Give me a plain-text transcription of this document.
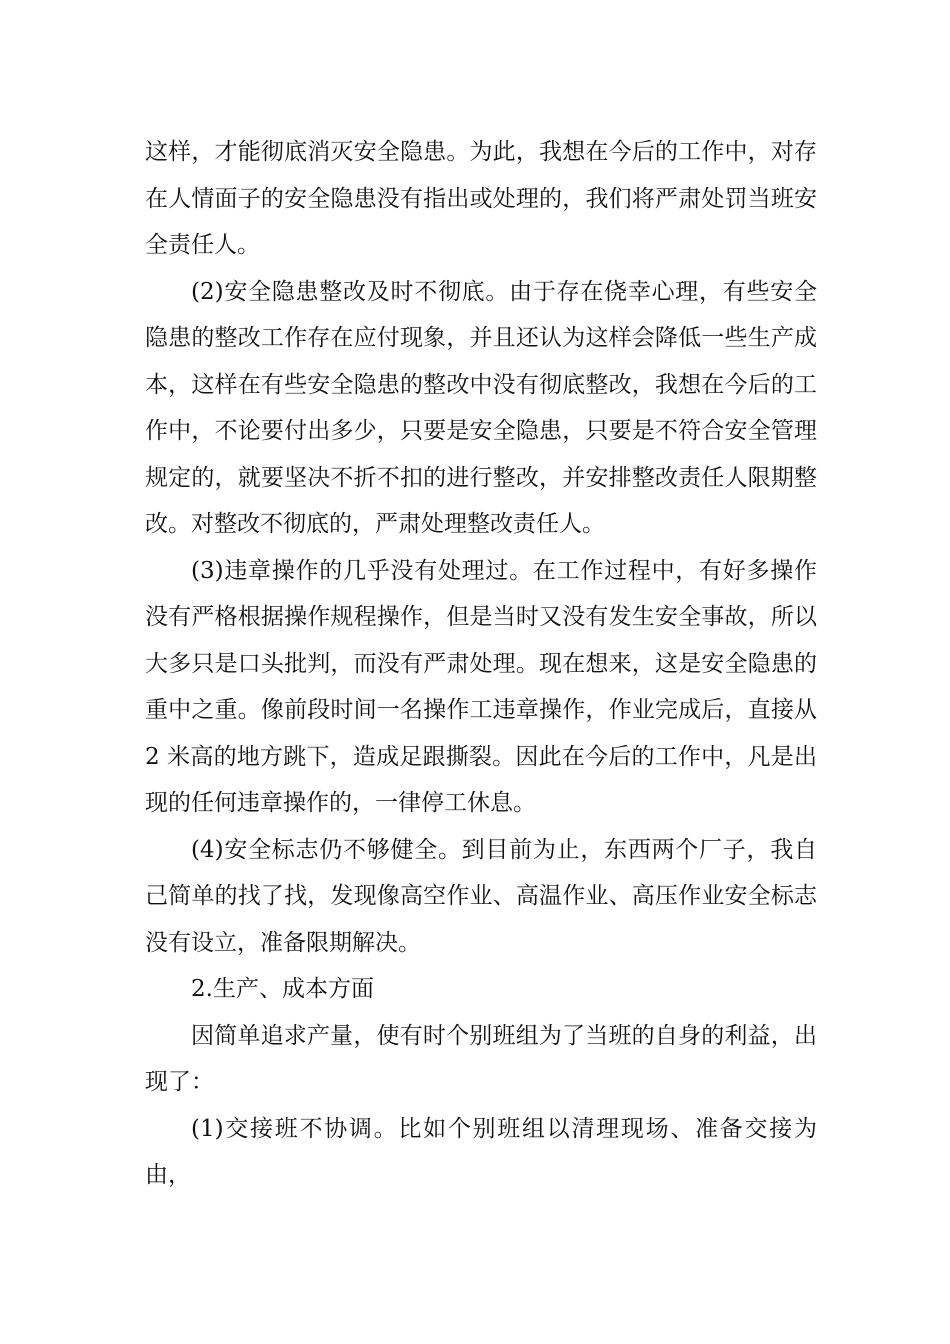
这样，才能彻底消灭安全隐患。为此，我想在今后的工作中，对存在人情面子的安全隐患没有指出或处理的，我们将严肃处罚当班安全责任人。

(2)安全隐患整改及时不彻底。由于存在侥幸心理，有些安全隐患的整改工作存在应付现象，并且还认为这样会降低一些生产成本，这样在有些安全隐患的整改中没有彻底整改，我想在今后的工作中，不论要付出多少，只要是安全隐患，只要是不符合安全管理规定的，就要坚决不折不扣的进行整改，并安排整改责任人限期整改。对整改不彻底的，严肃处理整改责任人。

(3)违章操作的几乎没有处理过。在工作过程中，有好多操作没有严格根据操作规程操作，但是当时又没有发生安全事故，所以大多只是口头批判，而没有严肃处理。现在想来，这是安全隐患的重中之重。像前段时间一名操作工违章操作，作业完成后，直接从 2 米高的地方跳下，造成足跟撕裂。因此在今后的工作中，凡是出现的任何违章操作的，一律停工休息。

(4)安全标志仍不够健全。到目前为止，东西两个厂子，我自己简单的找了找，发现像高空作业、高温作业、高压作业安全标志没有设立，准备限期解决。

2.生产、成本方面

因简单追求产量，使有时个别班组为了当班的自身的利益，出现了：

(1)交接班不协调。比如个别班组以清理现场、准备交接为由，
